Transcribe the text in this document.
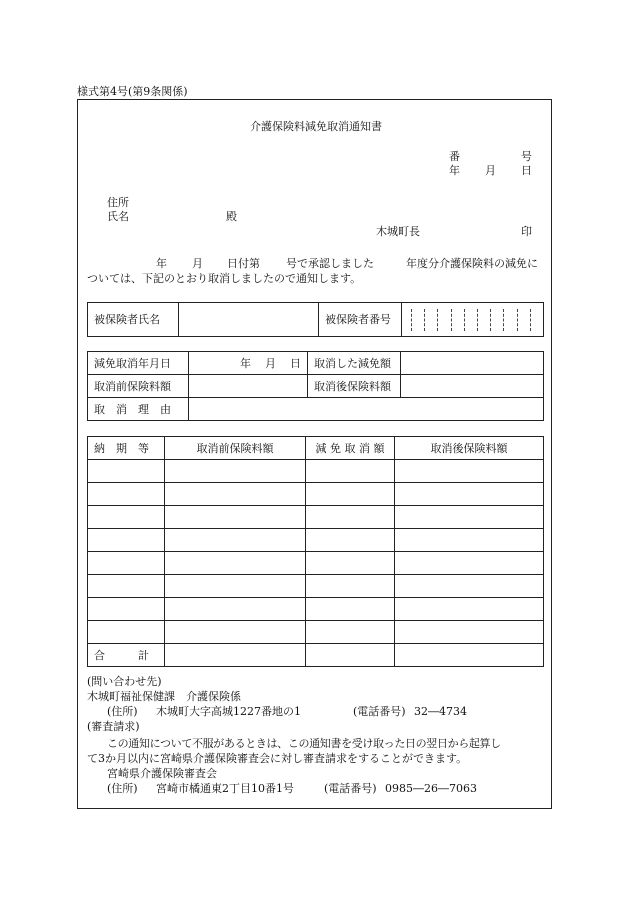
様式第4号(第9条関係)
介護保険料減免取消通知書
番	号
年 月 日
住所
氏名	殿
木城町長	印
年 月 日付第 号で承認しました	年度分介護保険料の減免に
ついては、下記のとおり取消しましたので通知します。
被保険者氏名		被保険者番号	
減免取消年月日	年 月 日	取消した減免額	
取消前保険料額		取消後保険料額	
取　消　理　由			
納　期　等	取消前保険料額	減 免 取 消 額	取消後保険料額

合　　　計			
(問い合わせ先)
木城町福祉保健課　介護保険係
(住所) 木城町大字高城1227番地の1	(電話番号) 32―4734
(審査請求)
この通知について不服があるときは、この通知書を受け取った日の翌日から起算し
て3か月以内に宮崎県介護保険審査会に対し審査請求をすることができます。
宮崎県介護保険審査会
(住所) 宮崎市橘通東2丁目10番1号	(電話番号) 0985―26―7063
